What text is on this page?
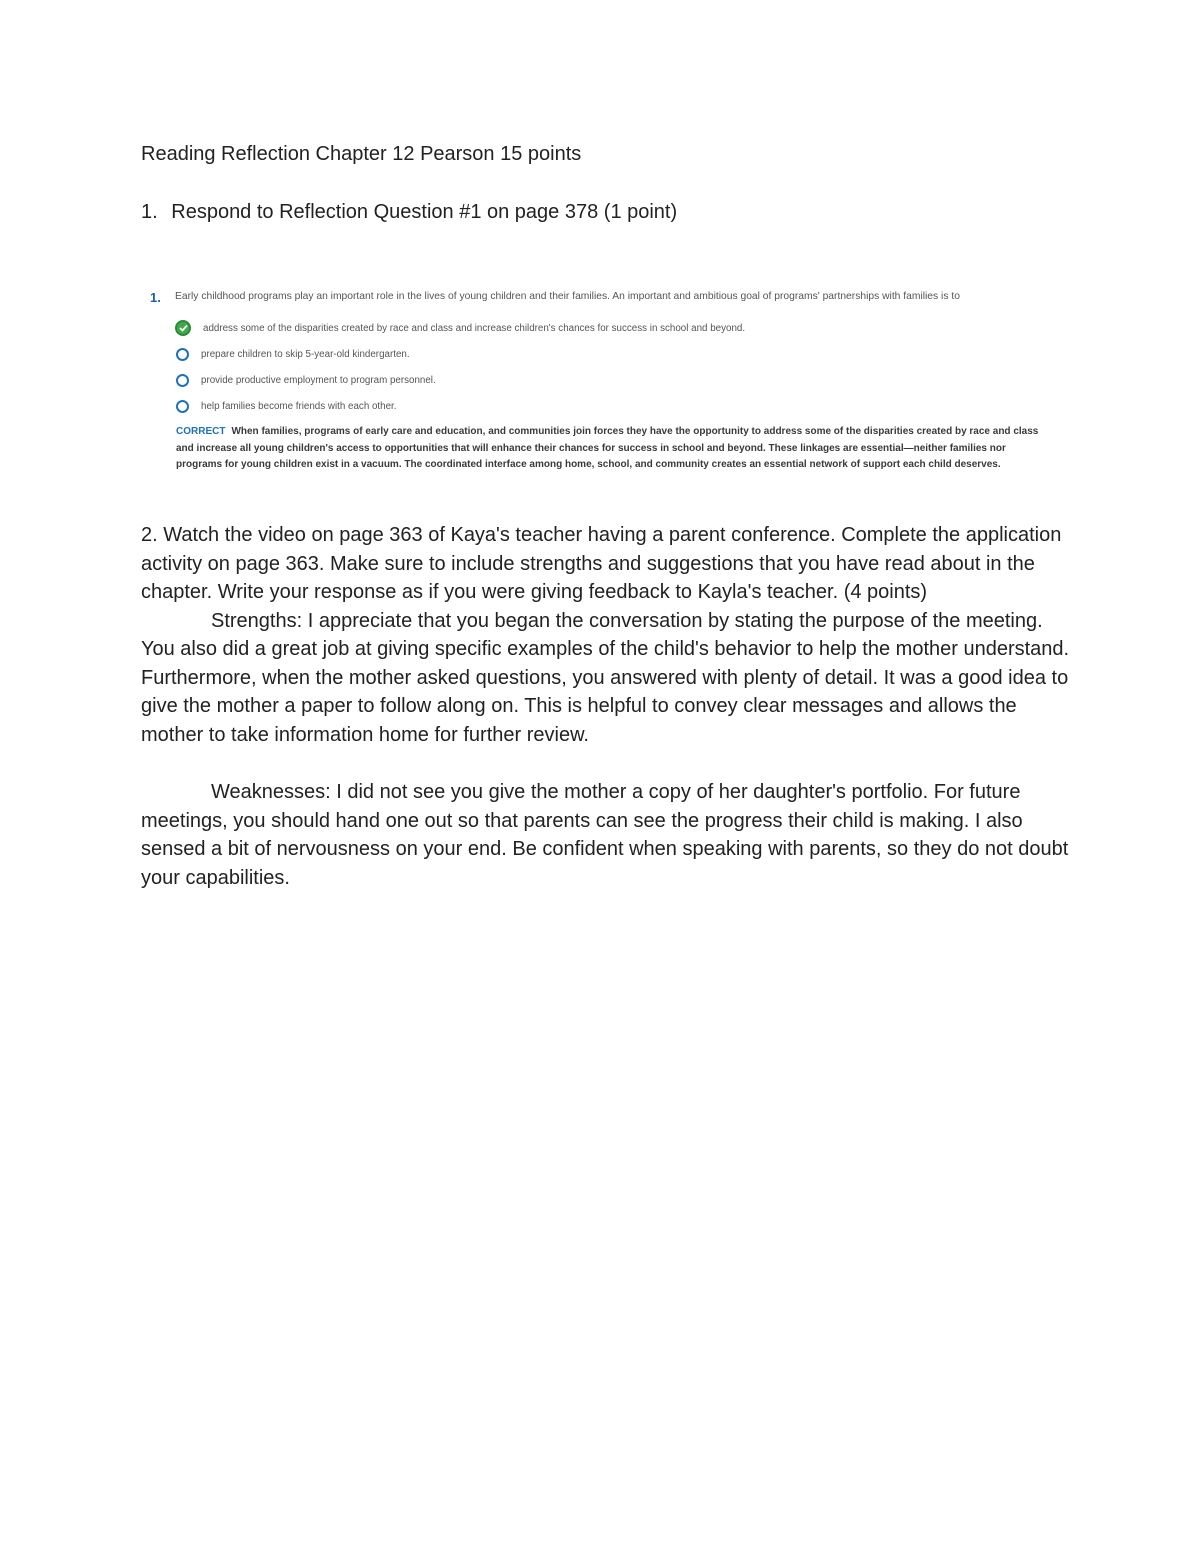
Reading Reflection Chapter 12 Pearson 15 points
1. Respond to Reflection Question #1 on page 378 (1 point)
1. Early childhood programs play an important role in the lives of young children and their families. An important and ambitious goal of programs' partnerships with families is to
address some of the disparities created by race and class and increase children's chances for success in school and beyond.
prepare children to skip 5-year-old kindergarten.
provide productive employment to program personnel.
help families become friends with each other.
CORRECT When families, programs of early care and education, and communities join forces they have the opportunity to address some of the disparities created by race and class and increase all young children's access to opportunities that will enhance their chances for success in school and beyond. These linkages are essential—neither families nor programs for young children exist in a vacuum. The coordinated interface among home, school, and community creates an essential network of support each child deserves.

2. Watch the video on page 363 of Kaya's teacher having a parent conference. Complete the application activity on page 363. Make sure to include strengths and suggestions that you have read about in the chapter. Write your response as if you were giving feedback to Kayla's teacher. (4 points)

Strengths: I appreciate that you began the conversation by stating the purpose of the meeting. You also did a great job at giving specific examples of the child's behavior to help the mother understand. Furthermore, when the mother asked questions, you answered with plenty of detail. It was a good idea to give the mother a paper to follow along on. This is helpful to convey clear messages and allows the mother to take information home for further review.

Weaknesses: I did not see you give the mother a copy of her daughter's portfolio. For future meetings, you should hand one out so that parents can see the progress their child is making. I also sensed a bit of nervousness on your end. Be confident when speaking with parents, so they do not doubt your capabilities.
